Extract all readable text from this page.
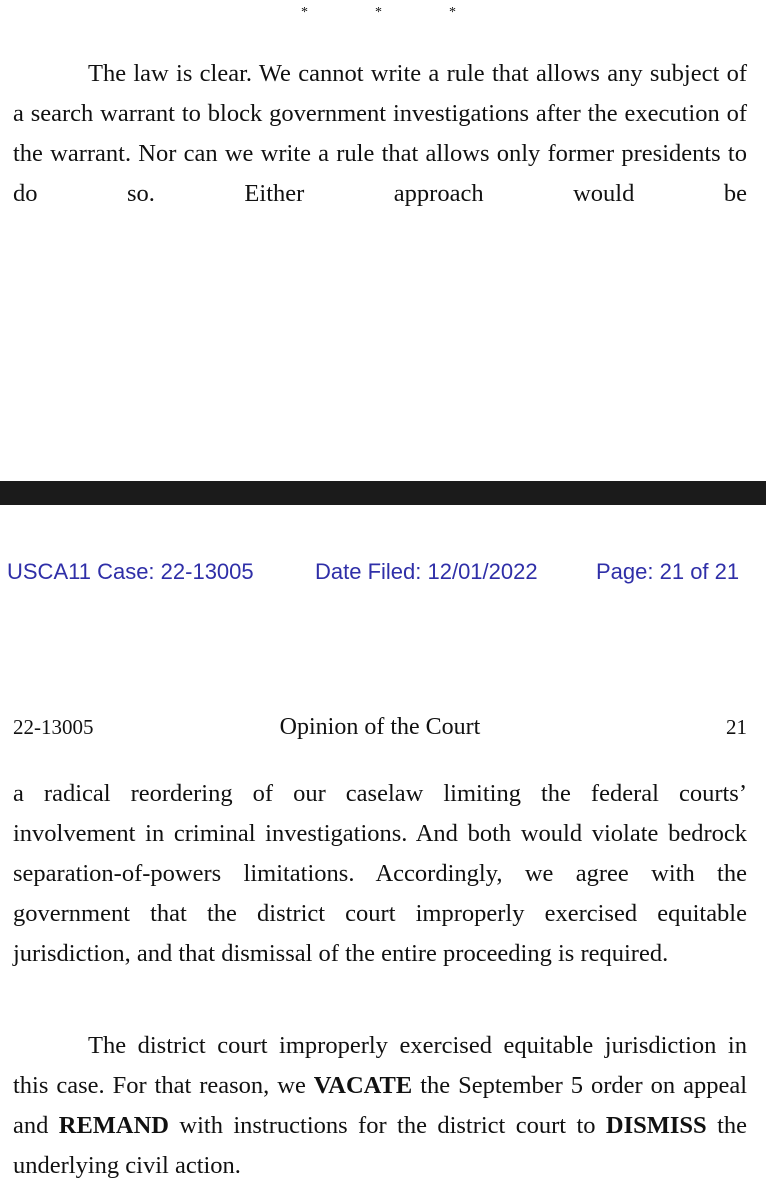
*	*	*

The law is clear. We cannot write a rule that allows any subject of a search warrant to block government investigations after the execution of the warrant. Nor can we write a rule that allows only former presidents to do so. Either approach would be

USCA11 Case: 22-13005	Date Filed: 12/01/2022	Page: 21 of 21
22-13005	Opinion of the Court	21

a radical reordering of our caselaw limiting the federal courts’ involvement in criminal investigations. And both would violate bedrock separation-of-powers limitations. Accordingly, we agree with the government that the district court improperly exercised equitable jurisdiction, and that dismissal of the entire proceeding is required.

The district court improperly exercised equitable jurisdiction in this case. For that reason, we VACATE the September 5 order on appeal and REMAND with instructions for the district court to DISMISS the underlying civil action.
